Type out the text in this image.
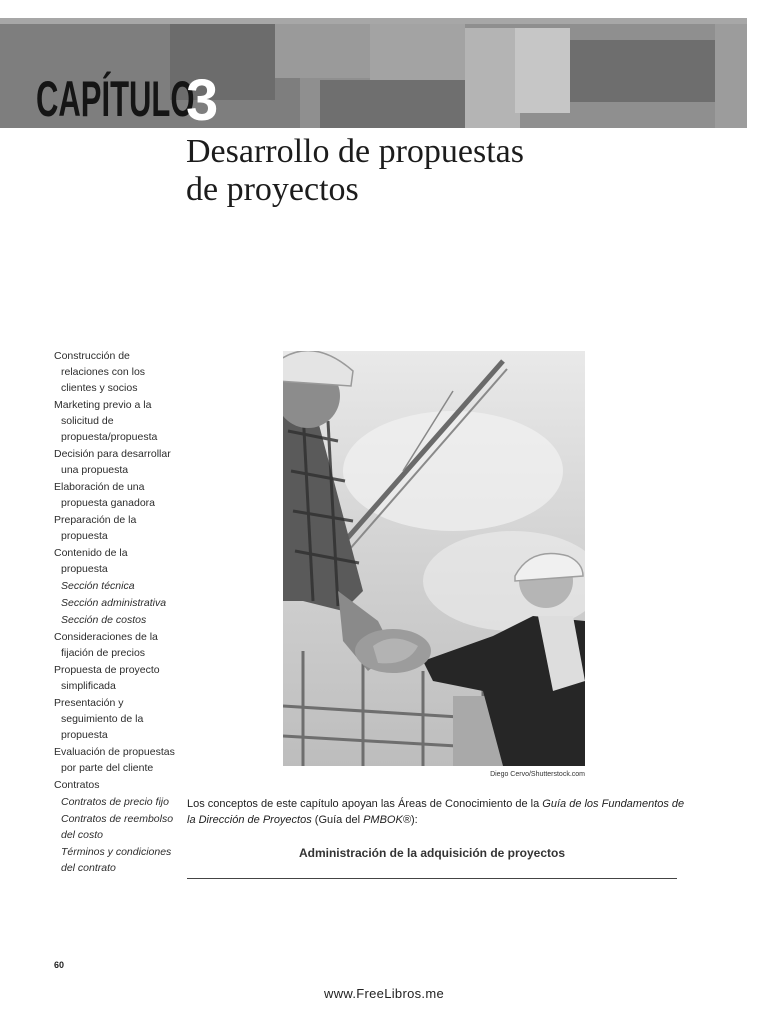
CAPÍTULO
3
Desarrollo de propuestas
de proyectos
Construcción de relaciones con los clientes y socios
Marketing previo a la solicitud de propuesta/propuesta
Decisión para desarrollar una propuesta
Elaboración de una propuesta ganadora
Preparación de la propuesta
Contenido de la propuesta
Sección técnica
Sección administrativa
Sección de costos
Consideraciones de la fijación de precios
Propuesta de proyecto simplificada
Presentación y seguimiento de la propuesta
Evaluación de propuestas por parte del cliente
Contratos
Contratos de precio fijo
Contratos de reembolso del costo
Términos y condiciones del contrato
Diego Cervo/Shutterstock.com
Los conceptos de este capítulo apoyan las Áreas de Conocimiento de la Guía de los Fundamentos de la Dirección de Proyectos (Guía del PMBOK®):
Administración de la adquisición de proyectos
60
www.FreeLibros.me
